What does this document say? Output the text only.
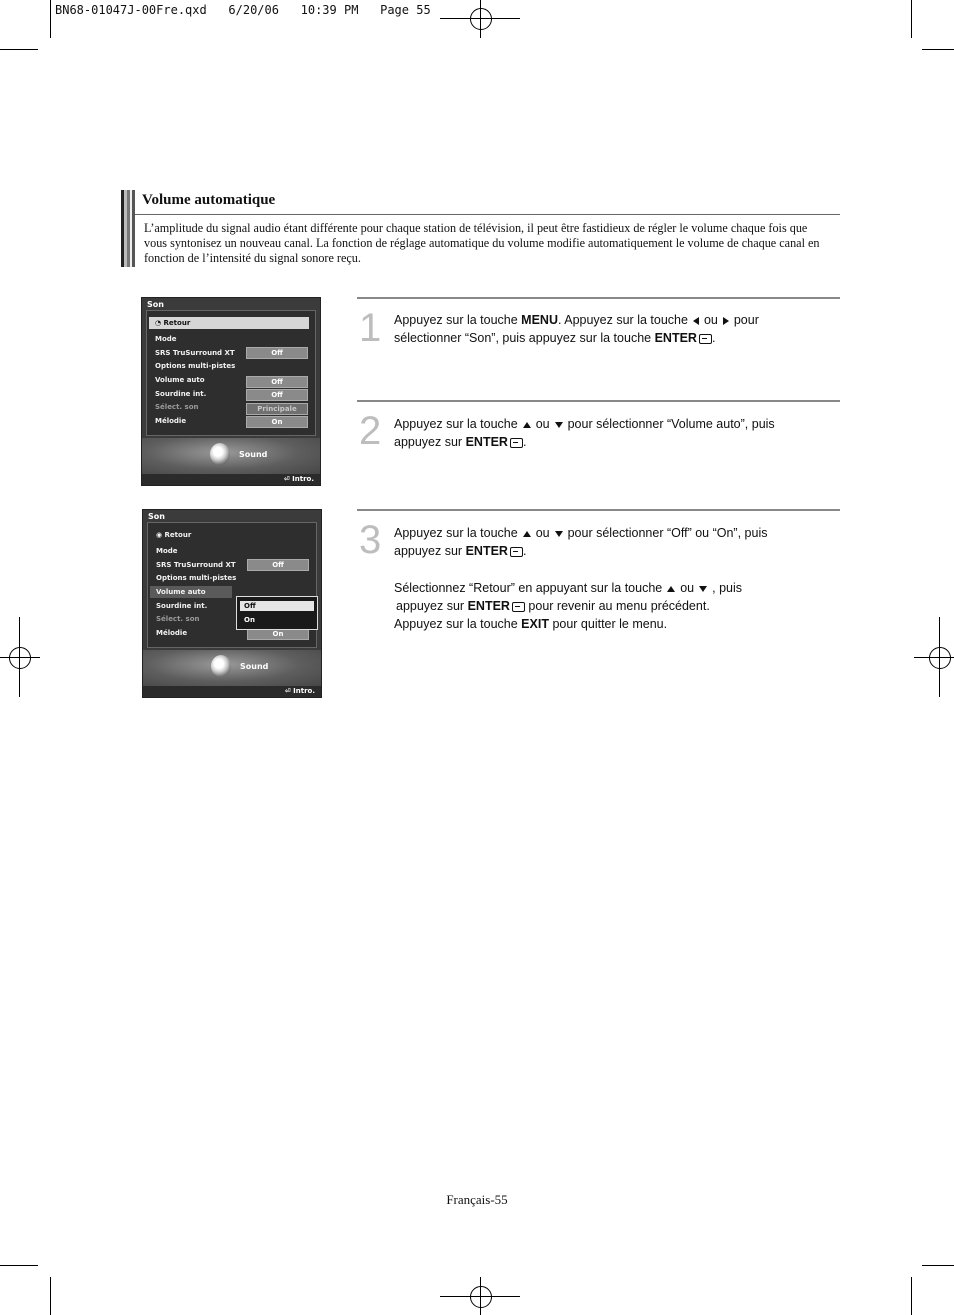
BN68-01047J-00Fre.qxd   6/20/06   10:39 PM   Page 55
Volume automatique
L’amplitude du signal audio étant différente pour chaque station de télévision, il peut être fastidieux de régler le volume chaque fois que vous syntonisez un nouveau canal. La fonction de réglage automatique du volume modifie automatiquement le volume de chaque canal en fonction de l’intensité du signal sonore reçu.
Son
◔ Retour
Mode
SRS TruSurround XT	Off
Options multi-pistes
Volume auto	Off
Sourdine int.	Off
Sélect. son	Principale
Mélodie	On
Sound
⏎ Intro.
Son
◉ Retour
Mode
SRS TruSurround XT	Off
Options multi-pistes
Volume auto
Sourdine int.
Sélect. son
Mélodie	On
Off
On
Sound
⏎ Intro.
1 Appuyez sur la touche MENU. Appuyez sur la touche ou pour
sélectionner “Son”, puis appuyez sur la touche ENTER .
2 Appuyez sur la touche ou pour sélectionner “Volume auto”, puis
appuyez sur ENTER .
3 Appuyez sur la touche ou pour sélectionner “Off” ou “On”, puis
appuyez sur ENTER .

Sélectionnez “Retour” en appuyant sur la touche ou , puis
appuyez sur ENTER pour revenir au menu précédent.
Appuyez sur la touche EXIT pour quitter le menu.
Français-55
